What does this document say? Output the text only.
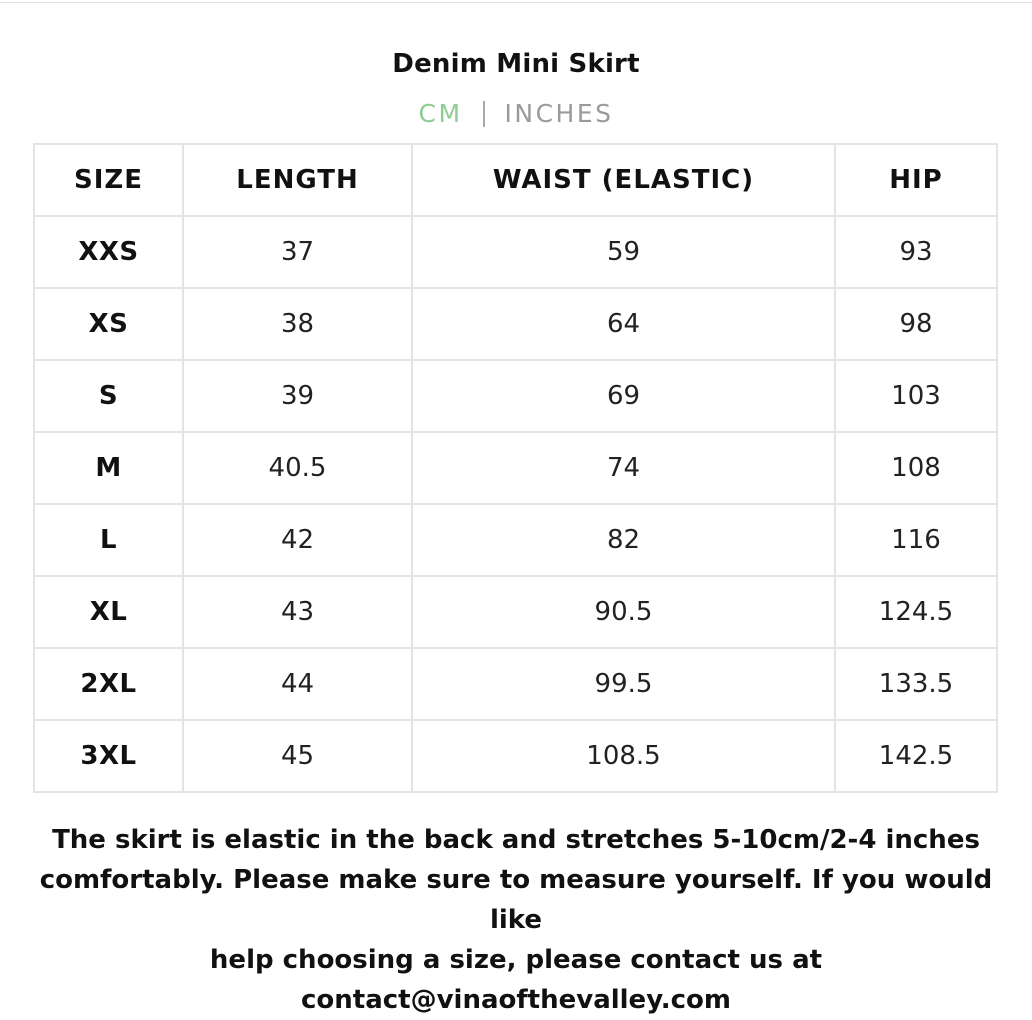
Denim Mini Skirt
CM INCHES
SIZE	LENGTH	WAIST (ELASTIC)	HIP
XXS	37	59	93
XS	38	64	98
S	39	69	103
M	40.5	74	108
L	42	82	116
XL	43	90.5	124.5
2XL	44	99.5	133.5
3XL	45	108.5	142.5
The skirt is elastic in the back and stretches 5-10cm/2-4 inches
comfortably. Please make sure to measure yourself. If you would like
help choosing a size, please contact us at
contact@vinaofthevalley.com
